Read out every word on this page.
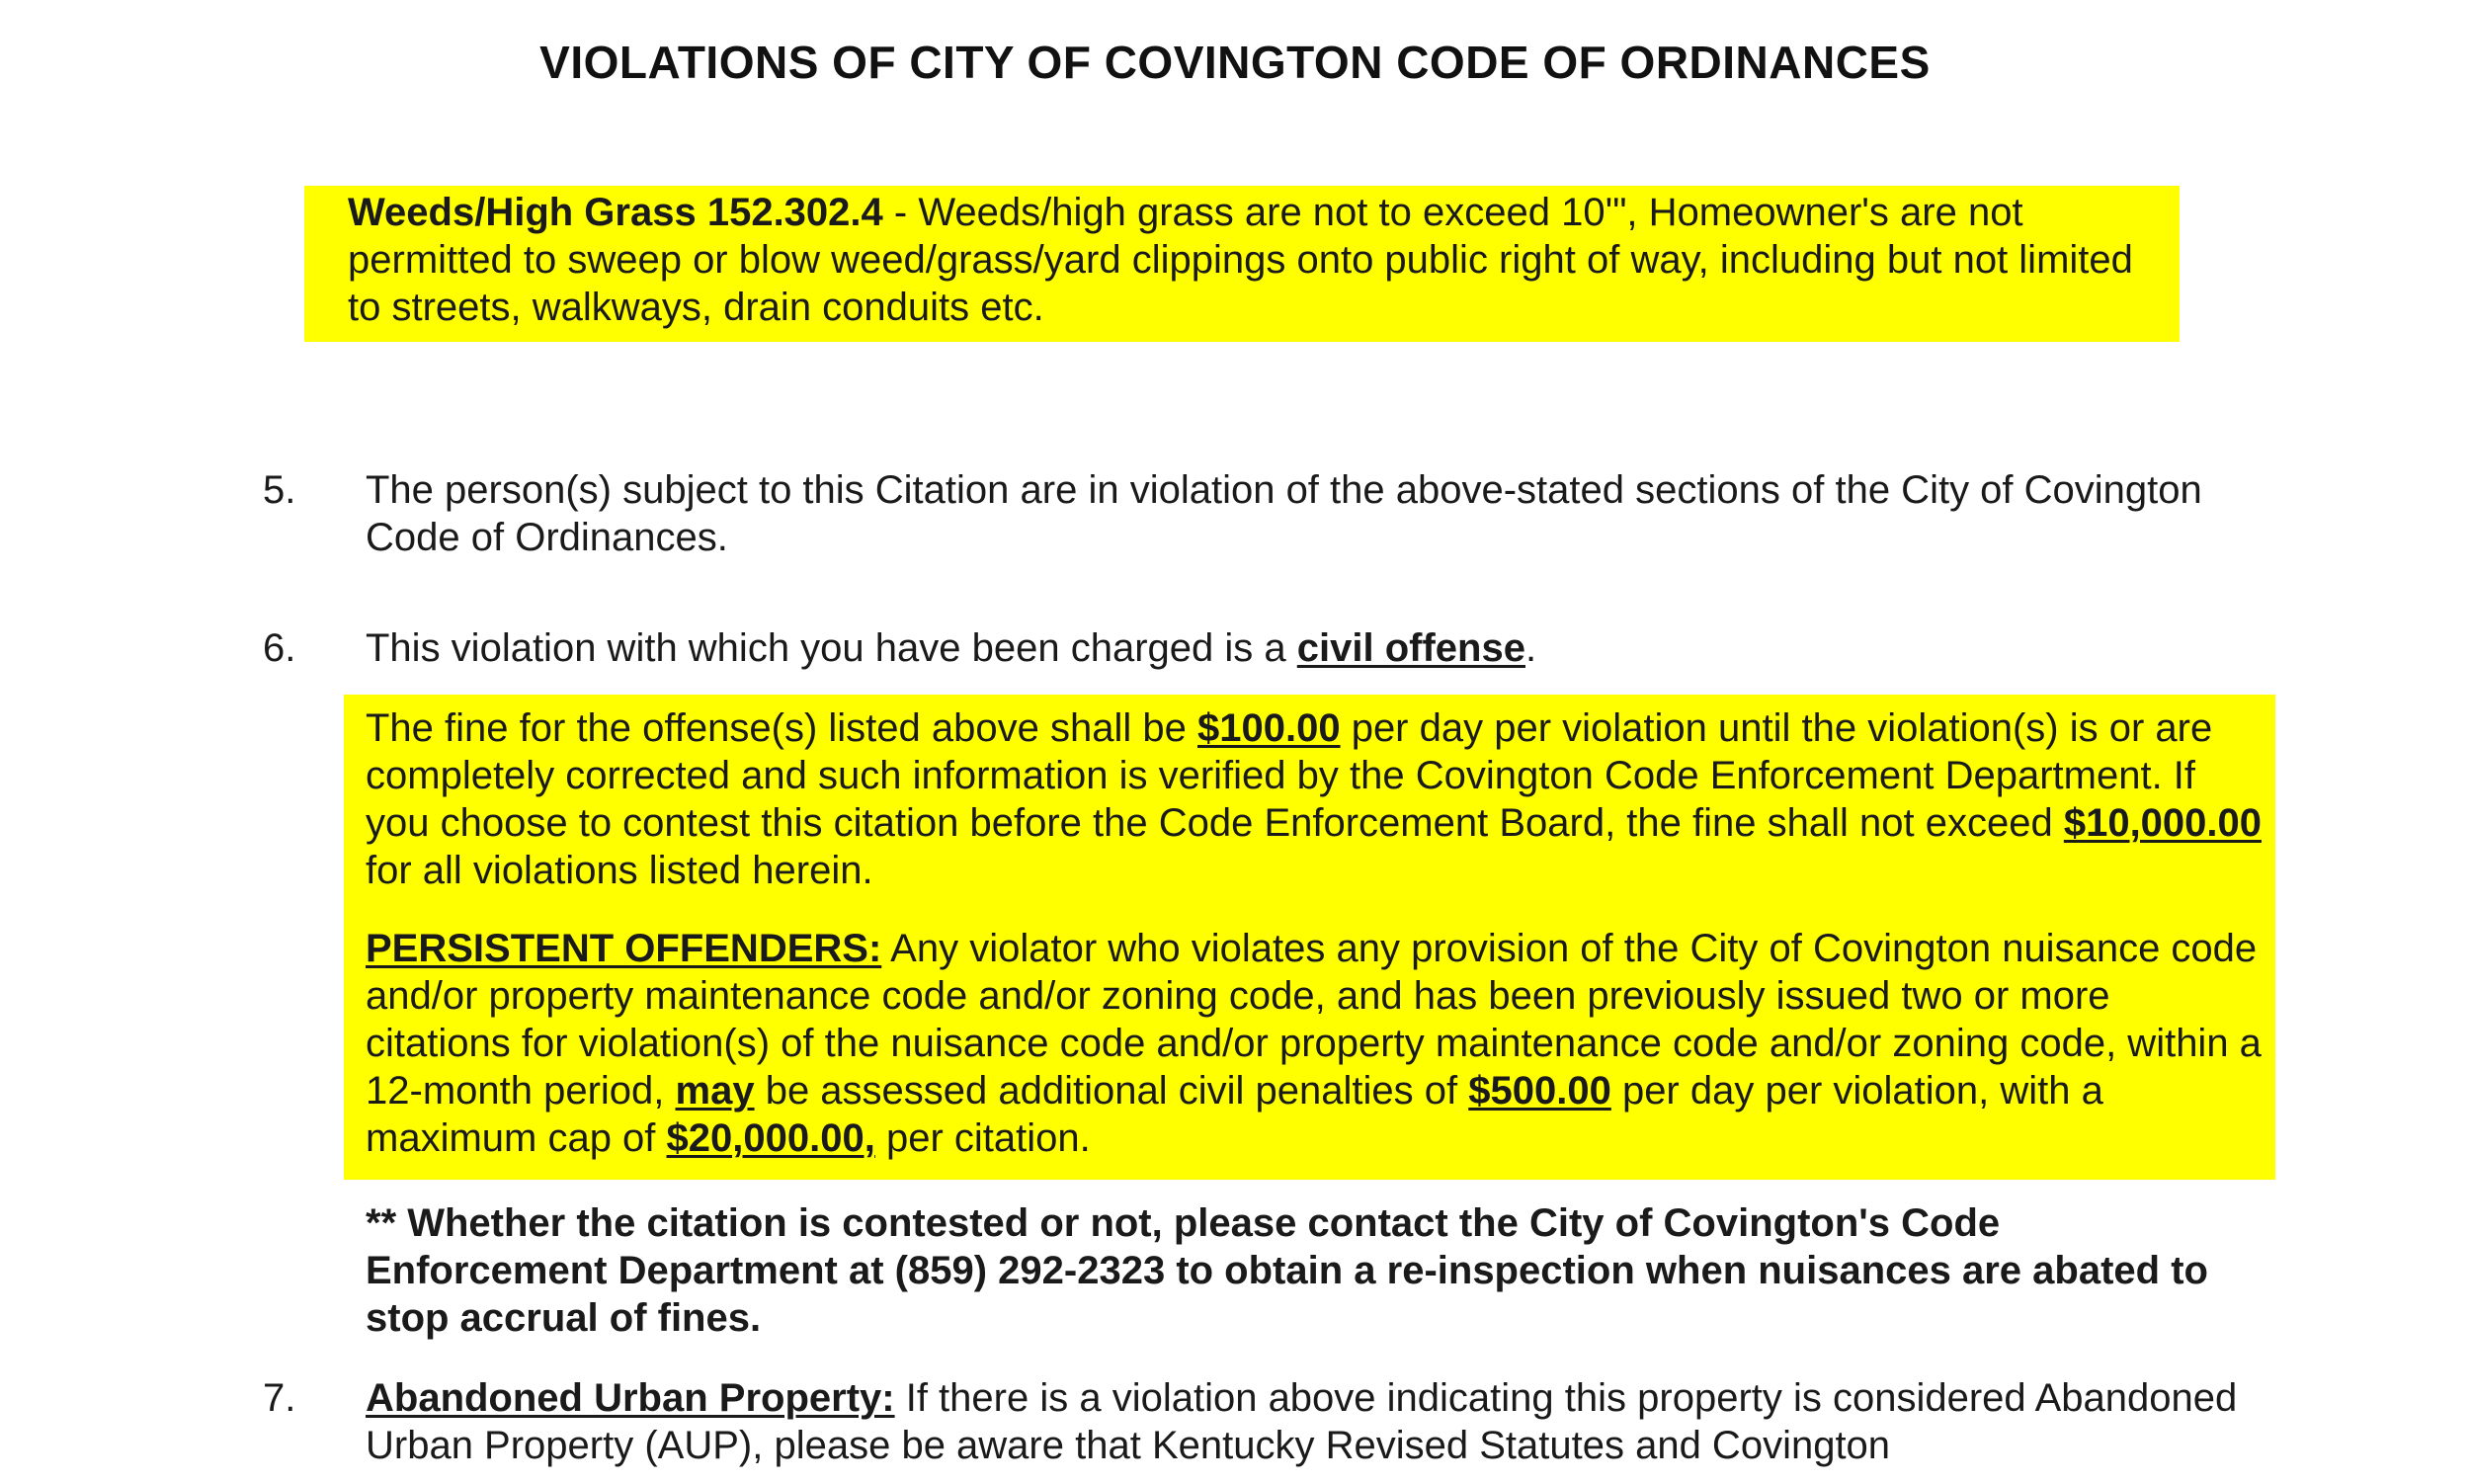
VIOLATIONS OF CITY OF COVINGTON CODE OF ORDINANCES
Weeds/High Grass 152.302.4 - Weeds/high grass are not to exceed 10'", Homeowner's are not permitted to sweep or blow weed/grass/yard clippings onto public right of way, including but not limited to streets, walkways, drain conduits etc.
5. The person(s) subject to this Citation are in violation of the above-stated sections of the City of Covington Code of Ordinances.
6. This violation with which you have been charged is a civil offense.
The fine for the offense(s) listed above shall be $100.00 per day per violation until the violation(s) is or are completely corrected and such information is verified by the Covington Code Enforcement Department. If you choose to contest this citation before the Code Enforcement Board, the fine shall not exceed $10,000.00 for all violations listed herein.
PERSISTENT OFFENDERS: Any violator who violates any provision of the City of Covington nuisance code and/or property maintenance code and/or zoning code, and has been previously issued two or more citations for violation(s) of the nuisance code and/or property maintenance code and/or zoning code, within a 12-month period, may be assessed additional civil penalties of $500.00 per day per violation, with a maximum cap of $20,000.00, per citation.
** Whether the citation is contested or not, please contact the City of Covington's Code Enforcement Department at (859) 292-2323 to obtain a re-inspection when nuisances are abated to stop accrual of fines.
7. Abandoned Urban Property: If there is a violation above indicating this property is considered Abandoned Urban Property (AUP), please be aware that Kentucky Revised Statutes and Covington
